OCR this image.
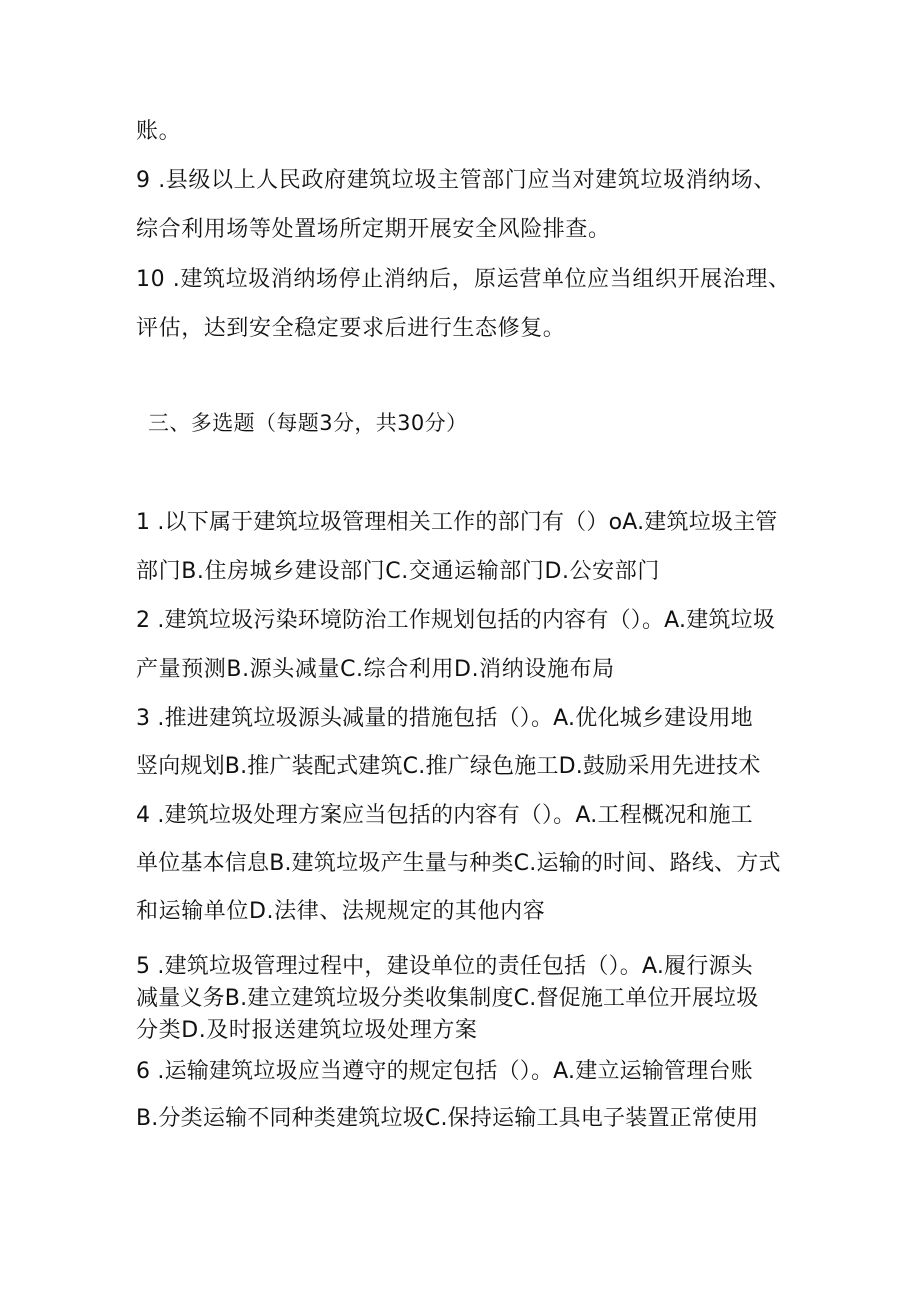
账。
9 .县级以上人民政府建筑垃圾主管部门应当对建筑垃圾消纳场、
综合利用场等处置场所定期开展安全风险排查。
10 .建筑垃圾消纳场停止消纳后，原运营单位应当组织开展治理、
评估，达到安全稳定要求后进行生态修复。
三、多选题（每题3分，共30分）
1 .以下属于建筑垃圾管理相关工作的部门有（）oA.建筑垃圾主管
部门B.住房城乡建设部门C.交通运输部门D.公安部门
2 .建筑垃圾污染环境防治工作规划包括的内容有（）。A.建筑垃圾
产量预测B.源头减量C.综合利用D.消纳设施布局
3 .推进建筑垃圾源头减量的措施包括（）。A.优化城乡建设用地
竖向规划B.推广装配式建筑C.推广绿色施工D.鼓励采用先进技术
4 .建筑垃圾处理方案应当包括的内容有（）。A.工程概况和施工
单位基本信息B.建筑垃圾产生量与种类C.运输的时间、路线、方式
和运输单位D.法律、法规规定的其他内容
5 .建筑垃圾管理过程中，建设单位的责任包括（）。A.履行源头
减量义务B.建立建筑垃圾分类收集制度C.督促施工单位开展垃圾
分类D.及时报送建筑垃圾处理方案
6 .运输建筑垃圾应当遵守的规定包括（）。A.建立运输管理台账
B.分类运输不同种类建筑垃圾C.保持运输工具电子装置正常使用
